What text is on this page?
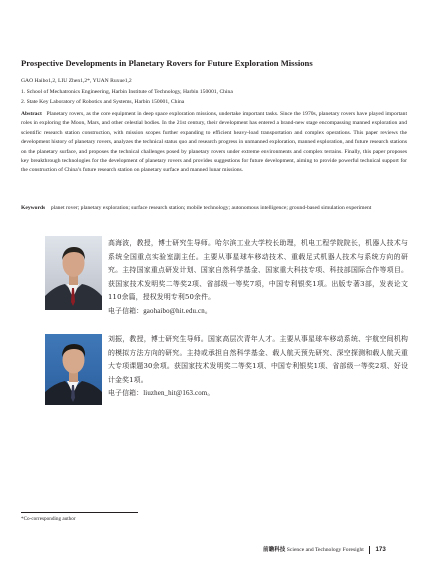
Prospective Developments in Planetary Rovers for Future Exploration Missions
GAO Haibo1,2, LIU Zhen1,2*, YUAN Ruxue1,2
1. School of Mechatronics Engineering, Harbin Institute of Technology, Harbin 150001, China
2. State Key Laboratory of Robotics and Systems, Harbin 150001, China
Abstract Planetary rovers, as the core equipment in deep space exploration missions, undertake important tasks. Since the 1970s, planetary rovers have played important roles in exploring the Moon, Mars, and other celestial bodies. In the 21st century, their development has entered a brand-new stage encompassing manned exploration and scientific research station construction, with mission scopes further expanding to efficient heavy-load transportation and complex operations. This paper reviews the development history of planetary rovers, analyzes the technical status quo and research progress in unmanned exploration, manned exploration, and future research stations on the planetary surface, and proposes the technical challenges posed by planetary rovers under extreme environments and complex terrains. Finally, this paper proposes key breakthrough technologies for the development of planetary rovers and provides suggestions for future development, aiming to provide powerful technical support for the construction of China’s future research station on planetary surface and manned lunar missions.
Keywords planet rover; planetary exploration; surface research station; mobile technology; autonomous intelligence; ground-based simulation experiment
高海波，教授，博士研究生导师。哈尔滨工业大学校长助理，机电工程学院院长，机器人技术与系统全国重点实验室副主任。主要从事星球车移动技术、重载足式机器人技术与系统方向的研究。主持国家重点研发计划、国家自然科学基金、国家重大科技专项、科技部国际合作等项目。获国家技术发明奖二等奖2项、省部级一等奖7项，中国专利银奖1项。出版专著3部，发表论文110余篇，授权发明专利50余件。
电子信箱：gaohaibo@hit.edu.cn。
刘振，教授，博士研究生导师。国家高层次青年人才。主要从事星球车移动系统、宇航空间机构的模拟方法方向的研究。主持或承担自然科学基金、载人航天预先研究、深空探测和载人航天重大专项课题30余项。获国家技术发明奖二等奖1项、中国专利银奖1项、省部级一等奖2项、好设计金奖1项。
电子信箱：liuzhen_hit@163.com。
*Co-corresponding author
前瞻科技 Science and Technology Foresight 173
